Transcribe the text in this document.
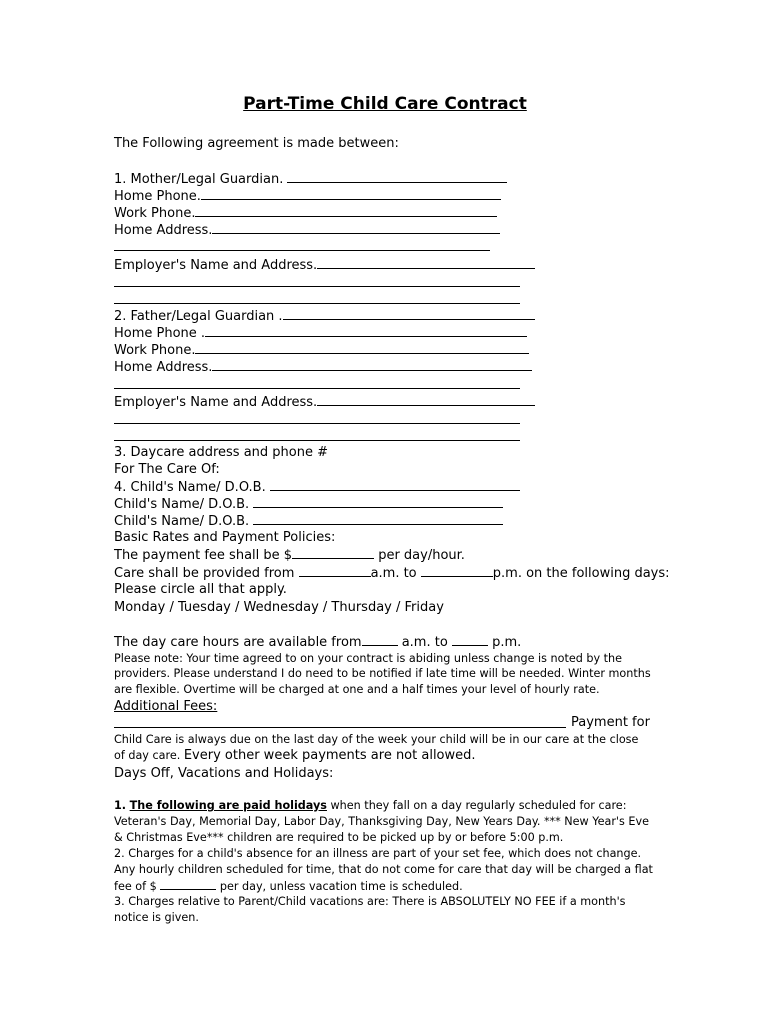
Part-Time Child Care Contract
The Following agreement is made between:
1. Mother/Legal Guardian.
Home Phone.
Work Phone.
Home Address.
Employer's Name and Address.
2. Father/Legal Guardian .
Home Phone .
Work Phone.
Home Address.
Employer's Name and Address.
3. Daycare address and phone #
For The Care Of:
4. Child's Name/ D.O.B.
Child's Name/ D.O.B.
Child's Name/ D.O.B.
Basic Rates and Payment Policies:
The payment fee shall be $	per day/hour.
Care shall be provided from	a.m. to	p.m. on the following days:
Please circle all that apply.
Monday / Tuesday / Wednesday / Thursday / Friday
The day care hours are available from	a.m. to	p.m.
Please note: Your time agreed to on your contract is abiding unless change is noted by the
providers. Please understand I do need to be notified if late time will be needed. Winter months
are flexible. Overtime will be charged at one and a half times your level of hourly rate.
Additional Fees:
Payment for
Child Care is always due on the last day of the week your child will be in our care at the close
of day care. Every other week payments are not allowed.
Days Off, Vacations and Holidays:
1. The following are paid holidays when they fall on a day regularly scheduled for care:
Veteran's Day, Memorial Day, Labor Day, Thanksgiving Day, New Years Day. *** New Year's Eve
& Christmas Eve*** children are required to be picked up by or before 5:00 p.m.
2. Charges for a child's absence for an illness are part of your set fee, which does not change.
Any hourly children scheduled for time, that do not come for care that day will be charged a flat
fee of $	per day, unless vacation time is scheduled.
3. Charges relative to Parent/Child vacations are: There is ABSOLUTELY NO FEE if a month's
notice is given.
